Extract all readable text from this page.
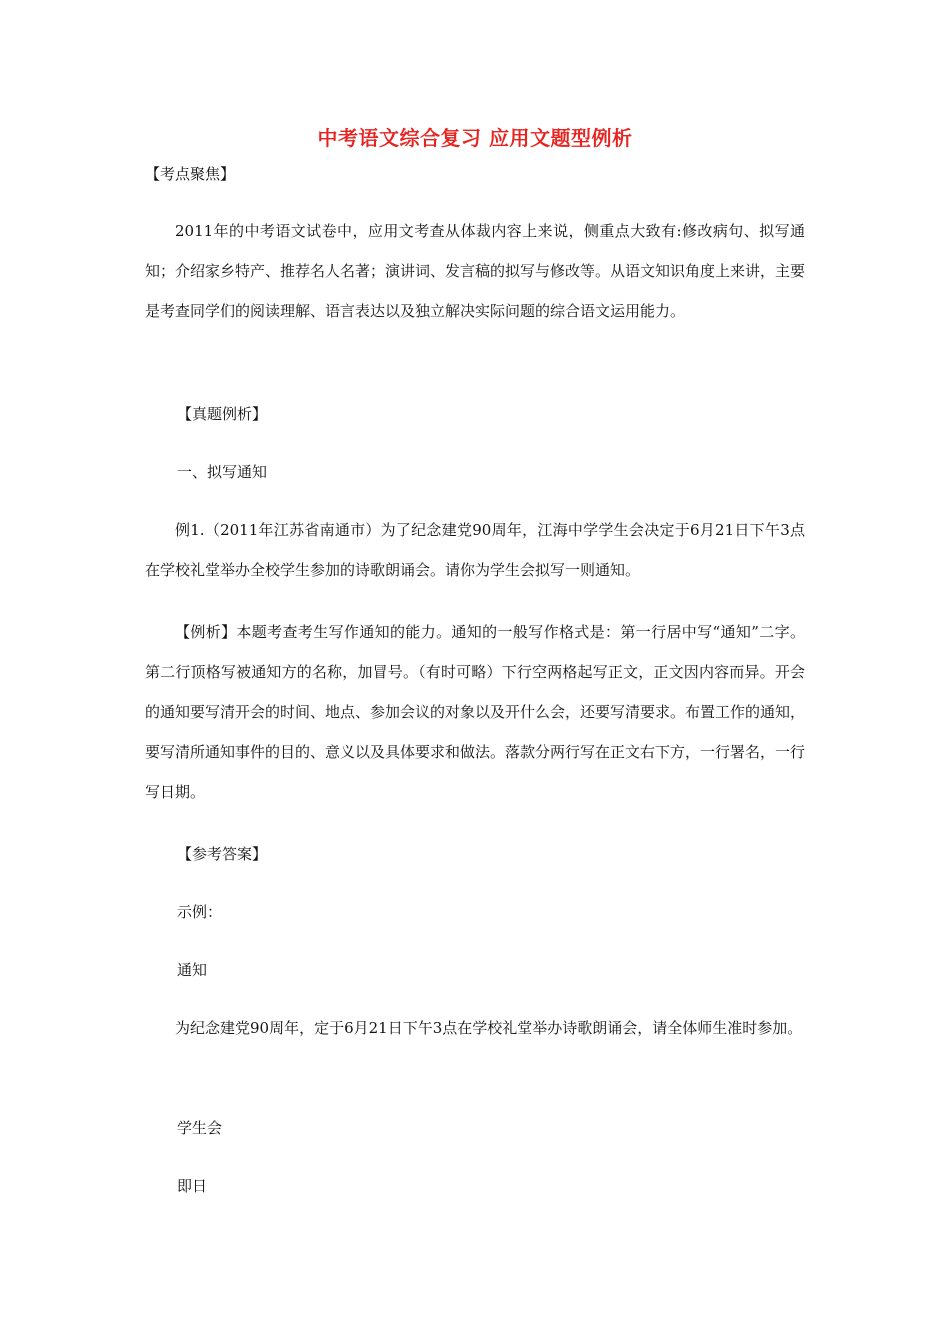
中考语文综合复习 应用文题型例析
【考点聚焦】
2011年的中考语文试卷中，应用文考查从体裁内容上来说，侧重点大致有:修改病句、拟写通知；介绍家乡特产、推荐名人名著；演讲词、发言稿的拟写与修改等。从语文知识角度上来讲，主要是考查同学们的阅读理解、语言表达以及独立解决实际问题的综合语文运用能力。
【真题例析】
一、拟写通知
例1.（2011年江苏省南通市）为了纪念建党90周年，江海中学学生会决定于6月21日下午3点在学校礼堂举办全校学生参加的诗歌朗诵会。请你为学生会拟写一则通知。
【例析】本题考查考生写作通知的能力。通知的一般写作格式是：第一行居中写“通知”二字。第二行顶格写被通知方的名称，加冒号。（有时可略）下行空两格起写正文，正文因内容而异。开会的通知要写清开会的时间、地点、参加会议的对象以及开什么会，还要写清要求。布置工作的通知，要写清所通知事件的目的、意义以及具体要求和做法。落款分两行写在正文右下方，一行署名，一行写日期。
【参考答案】
示例：
通知
为纪念建党90周年，定于6月21日下午3点在学校礼堂举办诗歌朗诵会，请全体师生准时参加。
学生会
即日
